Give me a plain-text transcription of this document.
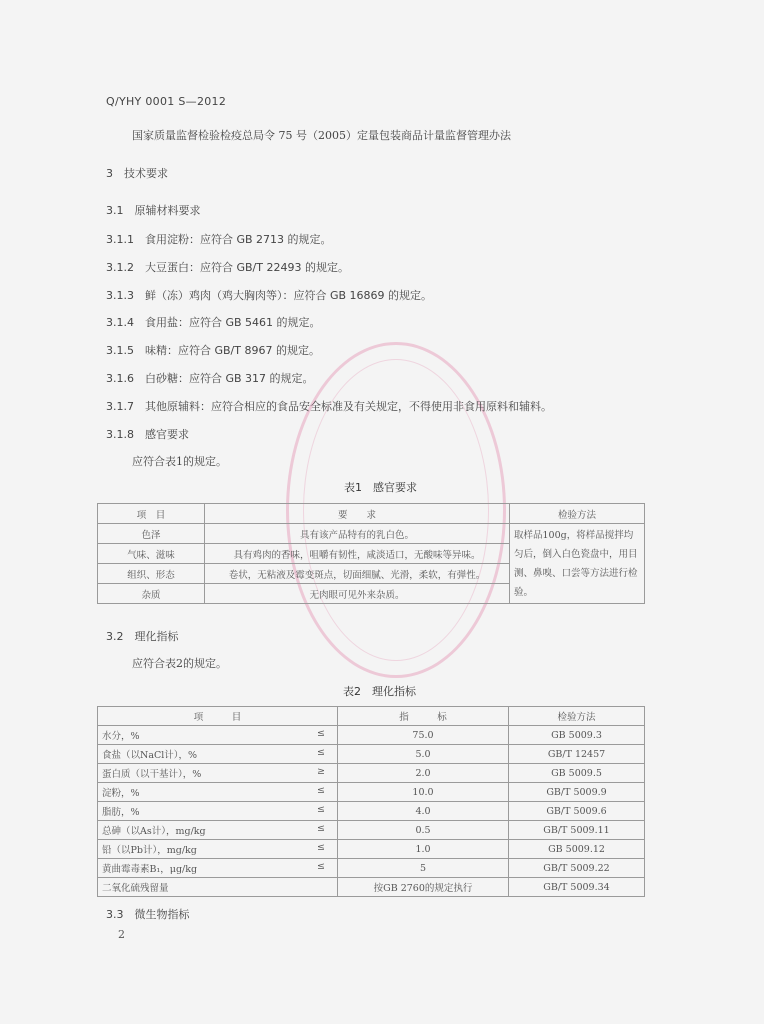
Q/YHY 0001 S—2012
国家质量监督检验检疫总局令 75 号（2005）定量包装商品计量监督管理办法
3　技术要求
3.1　原辅材料要求
3.1.1　食用淀粉：应符合 GB 2713 的规定。
3.1.2　大豆蛋白：应符合 GB/T 22493 的规定。
3.1.3　鲜（冻）鸡肉（鸡大胸肉等）：应符合 GB 16869 的规定。
3.1.4　食用盐：应符合 GB 5461 的规定。
3.1.5　味精：应符合 GB/T 8967 的规定。
3.1.6　白砂糖：应符合 GB 317 的规定。
3.1.7　其他原辅料：应符合相应的食品安全标准及有关规定，不得使用非食用原料和辅料。
3.1.8　感官要求
应符合表1的规定。
表1　感官要求
项　目	要　　求	检验方法
色泽	具有该产品特有的乳白色。	取样品100g，将样品搅拌均匀后，倒入白色瓷盘中，用目测、鼻嗅、口尝等方法进行检验。
气味、滋味	具有鸡肉的香味，咀嚼有韧性，咸淡适口，无酸味等异味。	
组织、形态	卷状，无粘液及霉变斑点，切面细腻、光滑，柔软，有弹性。	
杂质	无肉眼可见外来杂质。	
3.2　理化指标
应符合表2的规定。
表2　理化指标
项　　　目	指　　　标	检验方法
水分，% ≤	75.0	GB 5009.3
食盐（以NaCl计），% ≤	5.0	GB/T 12457
蛋白质（以干基计），% ≥	2.0	GB 5009.5
淀粉，% ≤	10.0	GB/T 5009.9
脂肪，% ≤	4.0	GB/T 5009.6
总砷（以As计），mg/kg ≤	0.5	GB/T 5009.11
铅（以Pb计），mg/kg ≤	1.0	GB 5009.12
黄曲霉毒素B₁，μg/kg ≤	5	GB/T 5009.22
二氧化硫残留量	按GB 2760的规定执行	GB/T 5009.34
3.3　微生物指标
2
